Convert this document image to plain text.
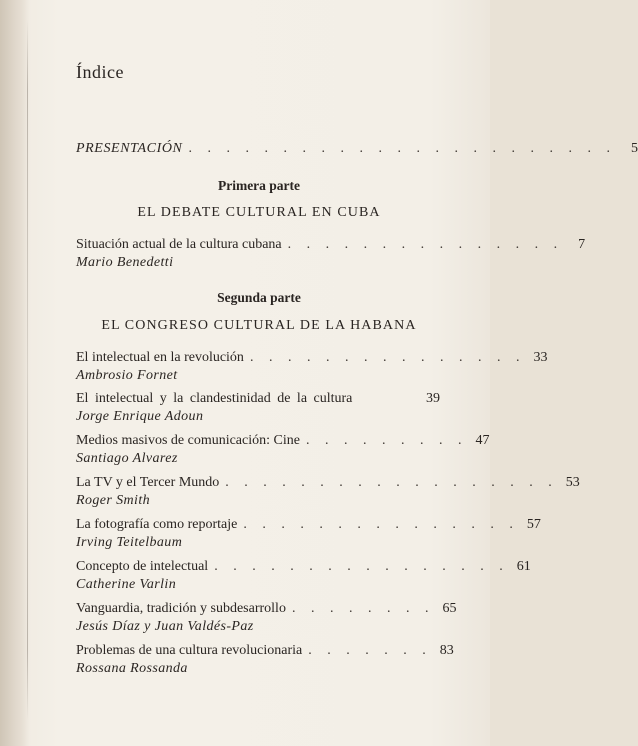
Índice
PRESENTACIÓN . . . . . . . . . . . . . . . . . . . . . . .	5
Primera parte
EL DEBATE CULTURAL EN CUBA
Situación actual de la cultura cubana . . . . . . . . . . . . . . .	7
Mario Benedetti
Segunda parte
EL CONGRESO CULTURAL DE LA HABANA
El intelectual en la revolución . . . . . . . . . . . . . . . 33
Ambrosio Fornet
El intelectual y la clandestinidad de la cultura	39
Jorge Enrique Adoun
Medios masivos de comunicación: Cine . . . . . . . . . 47
Santiago Alvarez
La TV y el Tercer Mundo . . . . . . . . . . . . . . . . . . 53
Roger Smith
La fotografía como reportaje . . . . . . . . . . . . . . . 57
Irving Teitelbaum
Concepto de intelectual . . . . . . . . . . . . . . . . 61
Catherine Varlin
Vanguardia, tradición y subdesarrollo . . . . . . . . 65
Jesús Díaz y Juan Valdés-Paz
Problemas de una cultura revolucionaria . . . . . . . 83
Rossana Rossanda
